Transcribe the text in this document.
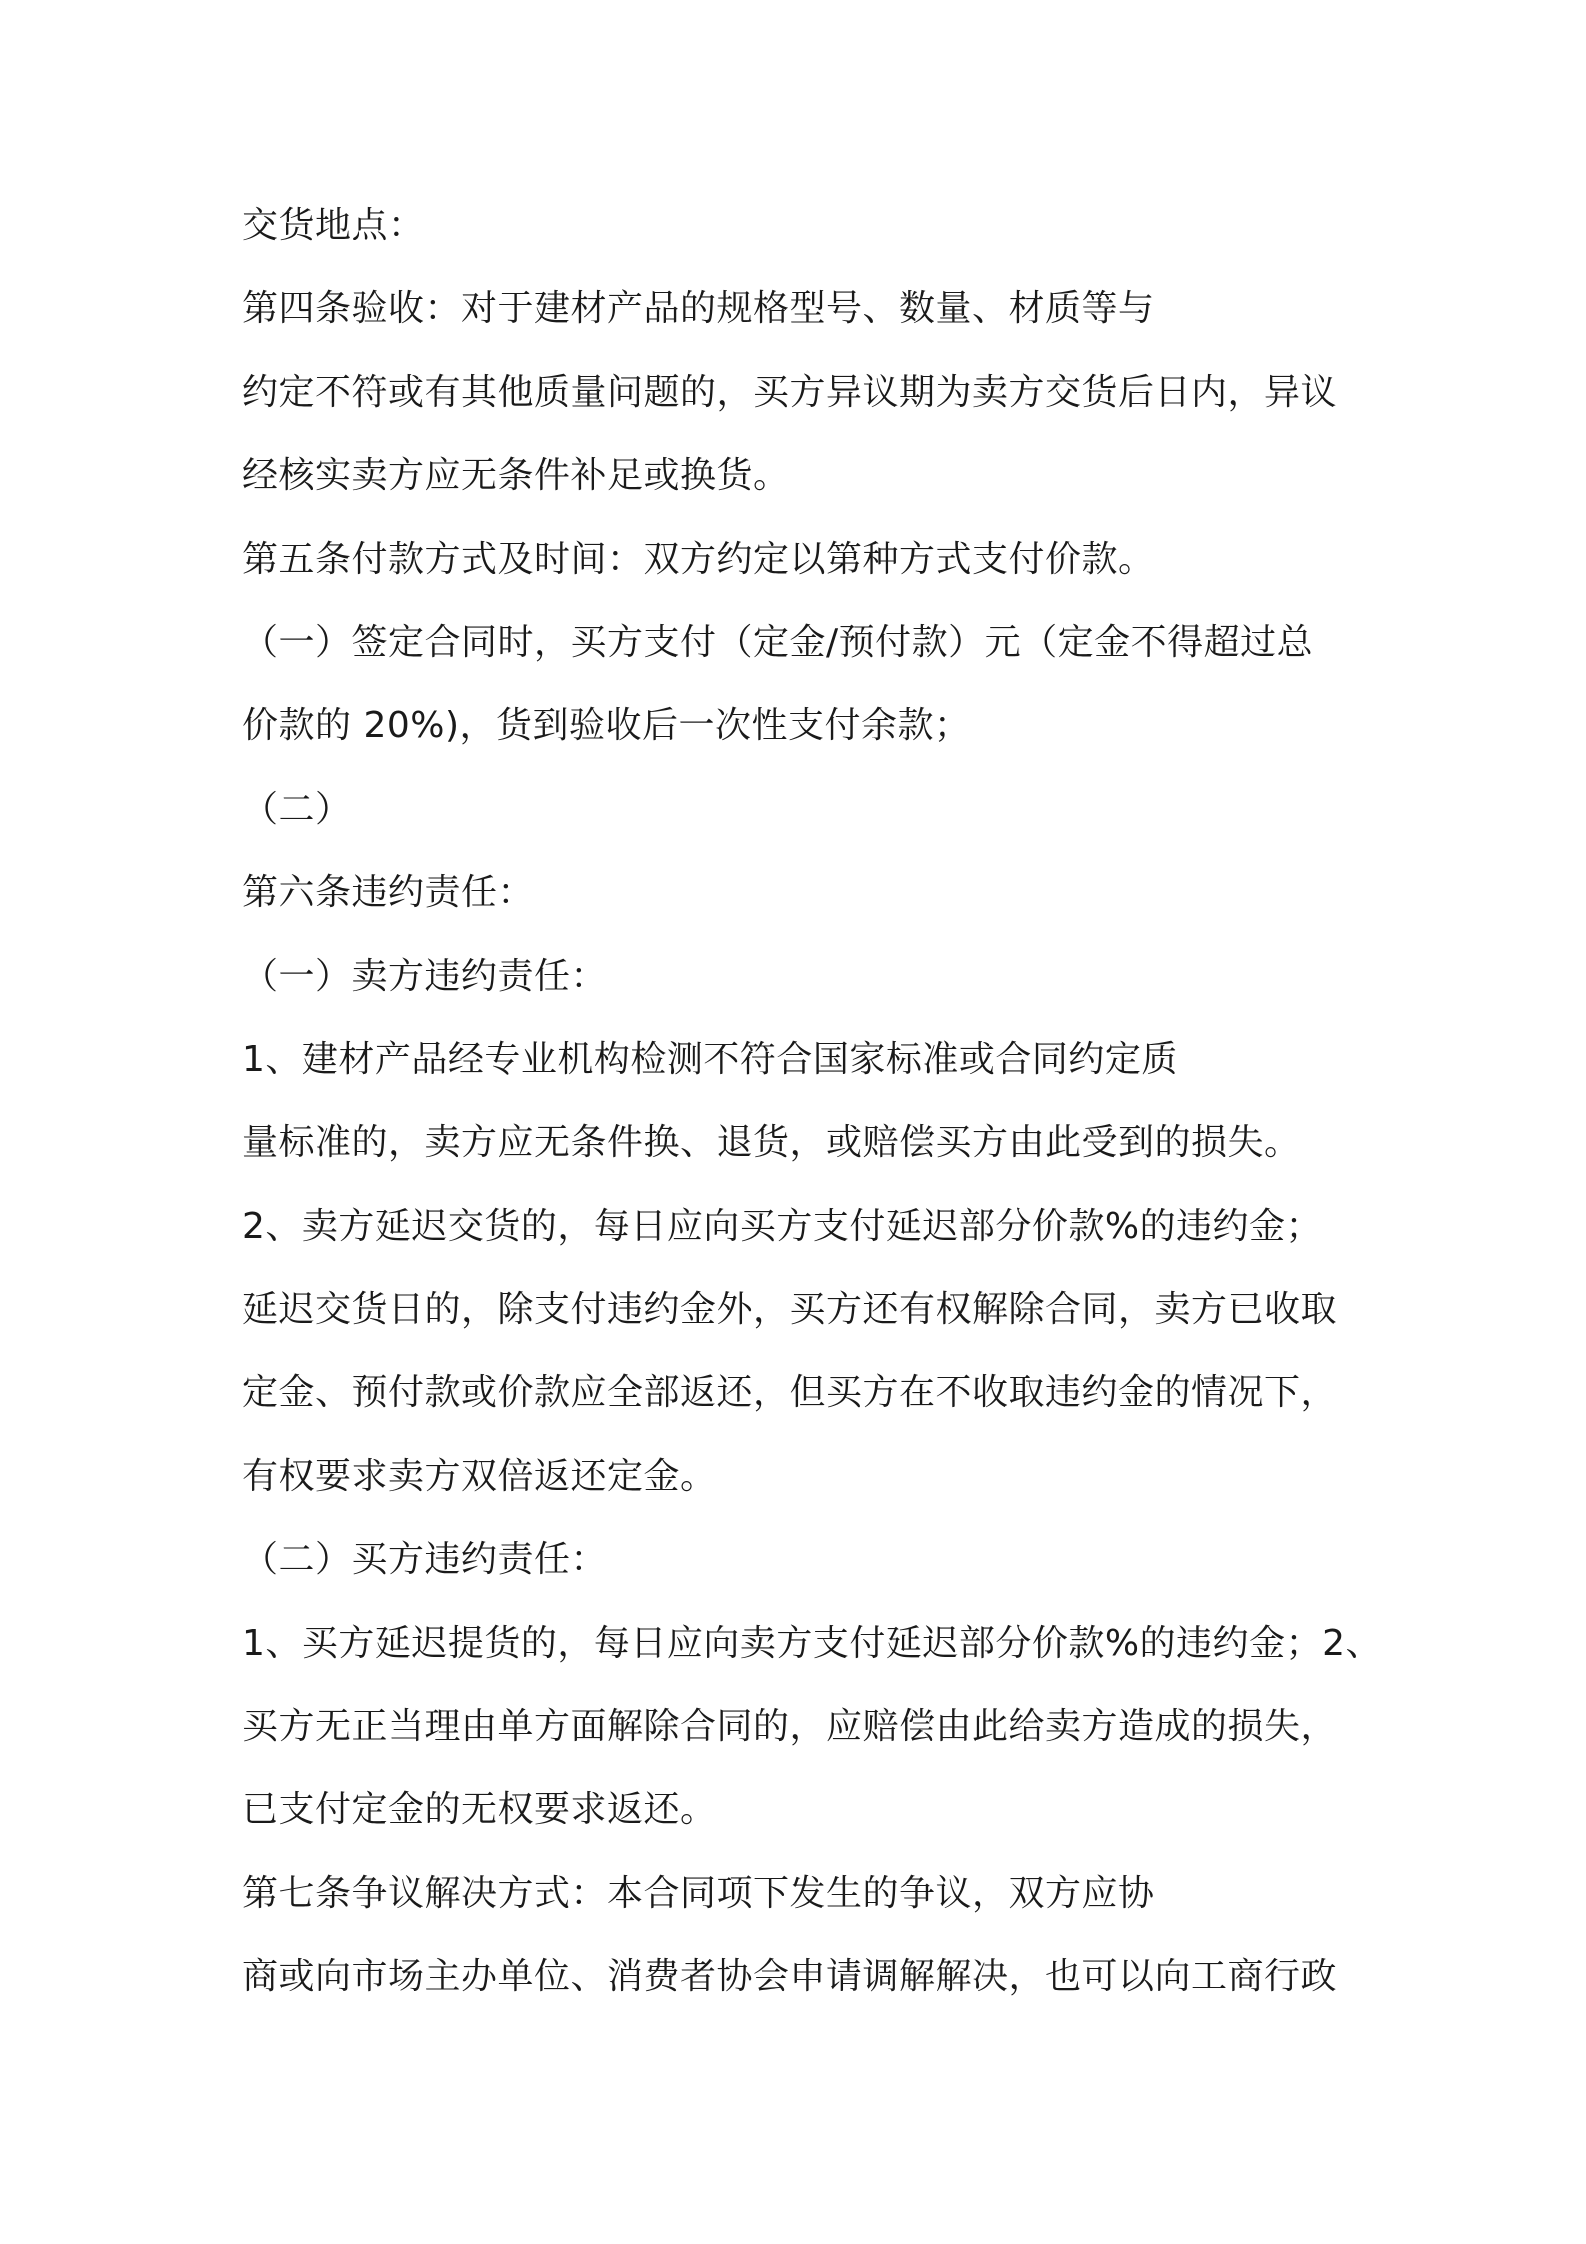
交货地点：
第四条验收：对于建材产品的规格型号、数量、材质等与
约定不符或有其他质量问题的，买方异议期为卖方交货后日内，异议
经核实卖方应无条件补足或换货。
第五条付款方式及时间：双方约定以第种方式支付价款。
（一）签定合同时，买方支付（定金/预付款）元（定金不得超过总
价款的 20%)，货到验收后一次性支付余款；
（二）
第六条违约责任：
（一）卖方违约责任：
1、建材产品经专业机构检测不符合国家标准或合同约定质
量标准的，卖方应无条件换、退货，或赔偿买方由此受到的损失。
2、卖方延迟交货的，每日应向买方支付延迟部分价款%的违约金；
延迟交货日的，除支付违约金外，买方还有权解除合同，卖方已收取
定金、预付款或价款应全部返还，但买方在不收取违约金的情况下，
有权要求卖方双倍返还定金。
（二）买方违约责任：
1、买方延迟提货的，每日应向卖方支付延迟部分价款%的违约金；2、
买方无正当理由单方面解除合同的，应赔偿由此给卖方造成的损失，
已支付定金的无权要求返还。
第七条争议解决方式：本合同项下发生的争议，双方应协
商或向市场主办单位、消费者协会申请调解解决，也可以向工商行政
